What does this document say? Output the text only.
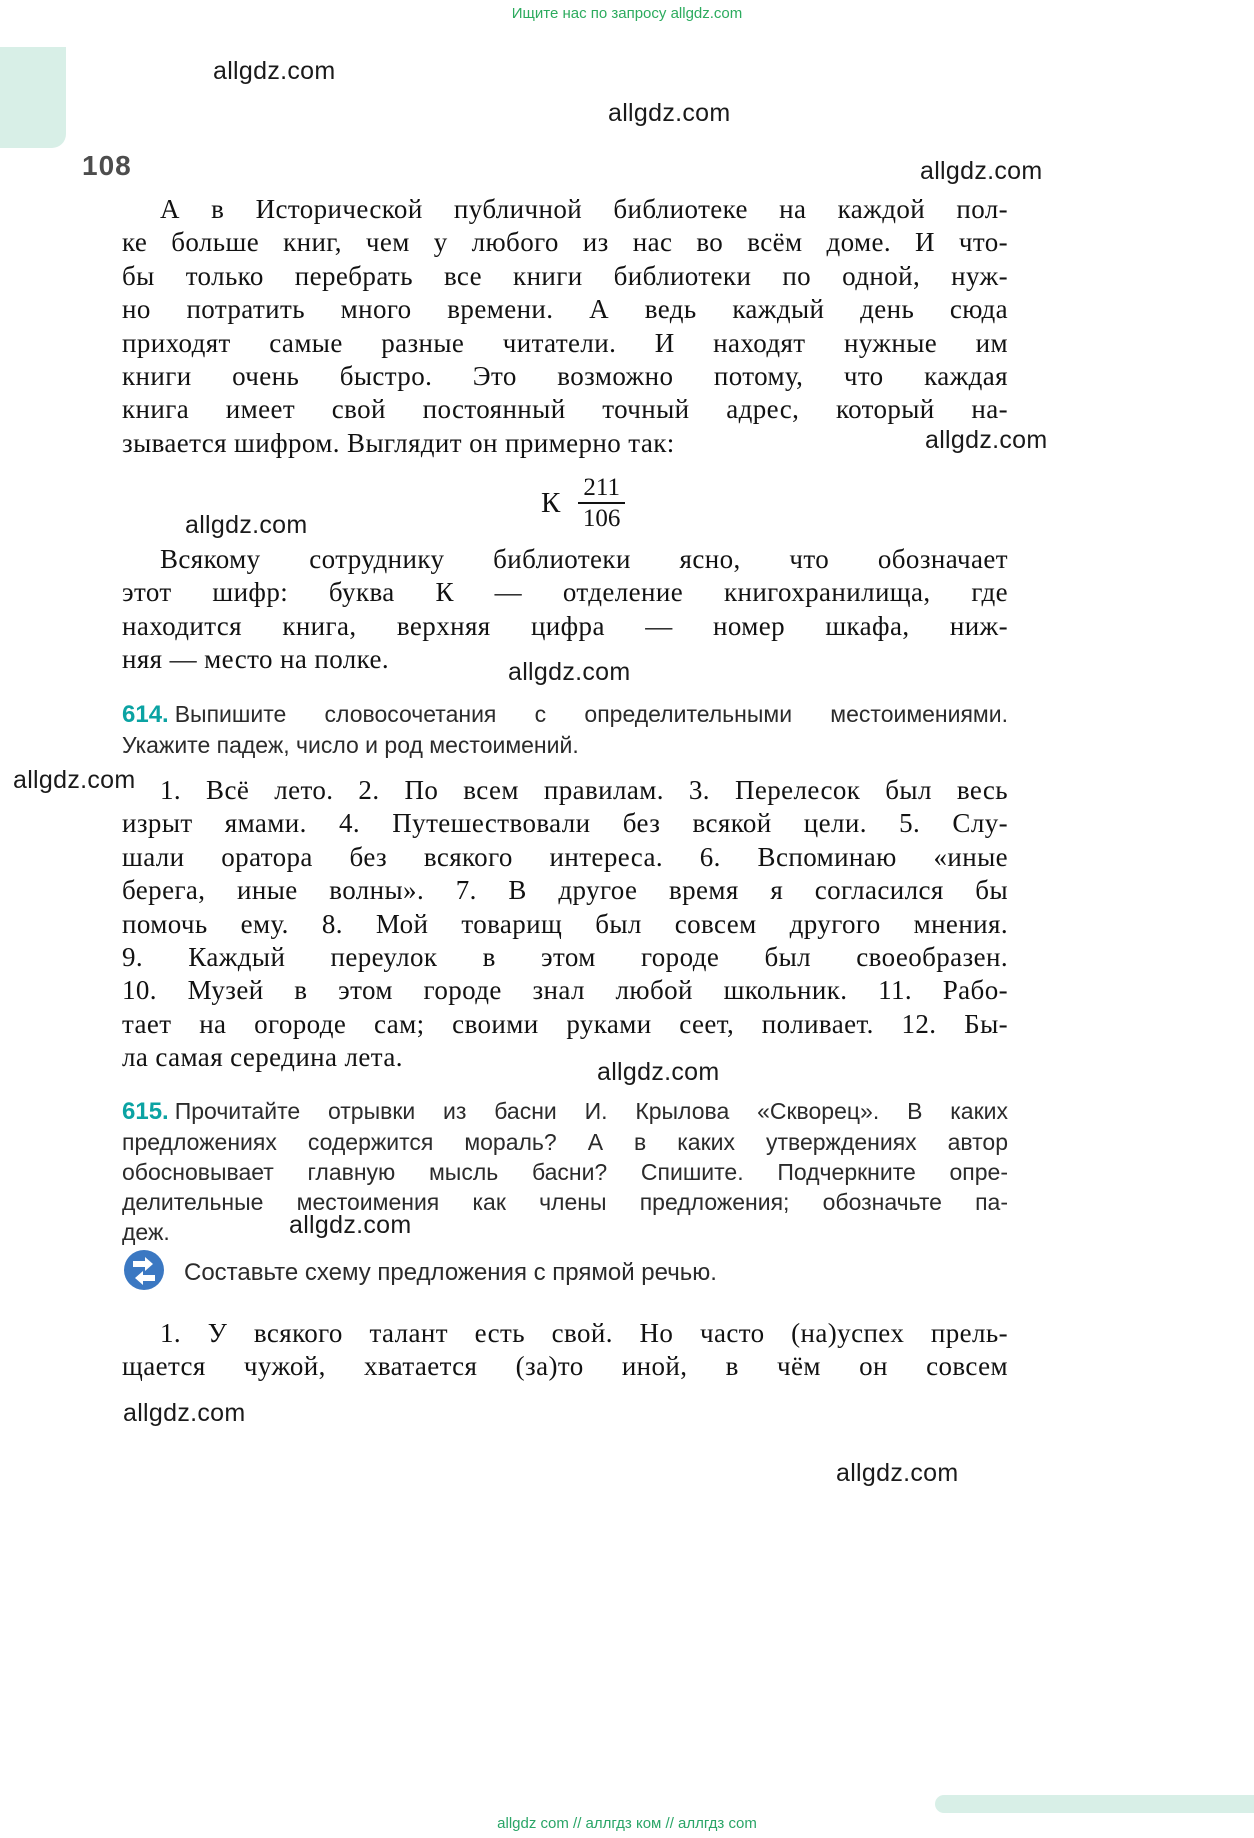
Ищите нас по запросу allgdz.com
108
allgdz.com
allgdz.com
allgdz.com
allgdz.com
allgdz.com
allgdz.com
allgdz.com
allgdz.com
allgdz.com
allgdz.com
allgdz.com
А в Исторической публичной библиотеке на каждой пол-
ке больше книг, чем у любого из нас во всём доме. И что-
бы только перебрать все книги библиотеки по одной, нуж-
но потратить много времени. А ведь каждый день сюда
приходят самые разные читатели. И находят нужные им
книги очень быстро. Это возможно потому, что каждая
книга имеет свой постоянный точный адрес, который на-
зывается шифром. Выглядит он примерно так:
К $\frac{211}{106}$
Всякому сотруднику библиотеки ясно, что обозначает
этот шифр: буква К — отделение книгохранилища, где
находится книга, верхняя цифра — номер шкафа, ниж-
няя — место на полке.
614. Выпишите словосочетания с определительными местоимениями.
Укажите падеж, число и род местоимений.
1. Всё лето. 2. По всем правилам. 3. Перелесок был весь
изрыт ямами. 4. Путешествовали без всякой цели. 5. Слу-
шали оратора без всякого интереса. 6. Вспоминаю «иные
берега, иные волны». 7. В другое время я согласился бы
помочь ему. 8. Мой товарищ был совсем другого мнения.
9. Каждый переулок в этом городе был своеобразен.
10. Музей в этом городе знал любой школьник. 11. Рабо-
тает на огороде сам; своими руками сеет, поливает. 12. Бы-
ла самая середина лета.
615. Прочитайте отрывки из басни И. Крылова «Скворец». В каких
предложениях содержится мораль? А в каких утверждениях автор
обосновывает главную мысль басни? Спишите. Подчеркните опре-
делительные местоимения как члены предложения; обозначьте па-
деж.
Составьте схему предложения с прямой речью.
1. У всякого талант есть свой. Но часто (на)успех прель-
щается чужой, хватается (за)то иной, в чём он совсем
allgdz com // аллгдз ком // аллгдз com
